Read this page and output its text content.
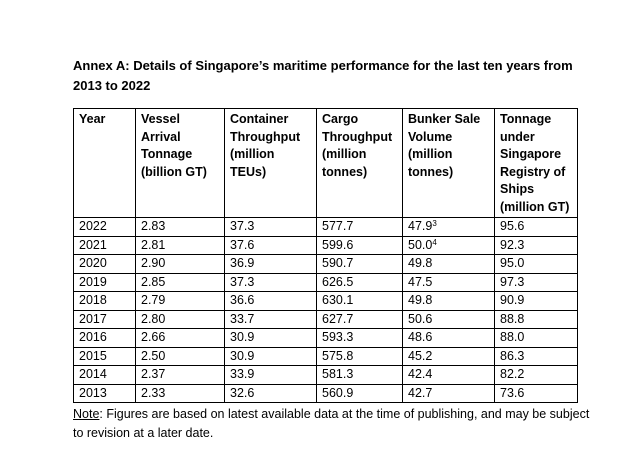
Annex A: Details of Singapore’s maritime performance for the last ten years from 2013 to 2022
Year	Vessel Arrival Tonnage (billion GT)	Container Throughput (million TEUs)	Cargo Throughput (million tonnes)	Bunker Sale Volume (million tonnes)	Tonnage under Singapore Registry of Ships (million GT)
2022	2.83	37.3	577.7	47.9$^3$	95.6
2021	2.81	37.6	599.6	50.0$^4$	92.3
2020	2.90	36.9	590.7	49.8	95.0
2019	2.85	37.3	626.5	47.5	97.3
2018	2.79	36.6	630.1	49.8	90.9
2017	2.80	33.7	627.7	50.6	88.8
2016	2.66	30.9	593.3	48.6	88.0
2015	2.50	30.9	575.8	45.2	86.3
2014	2.37	33.9	581.3	42.4	82.2
2013	2.33	32.6	560.9	42.7	73.6
Note: Figures are based on latest available data at the time of publishing, and may be subject to revision at a later date.
